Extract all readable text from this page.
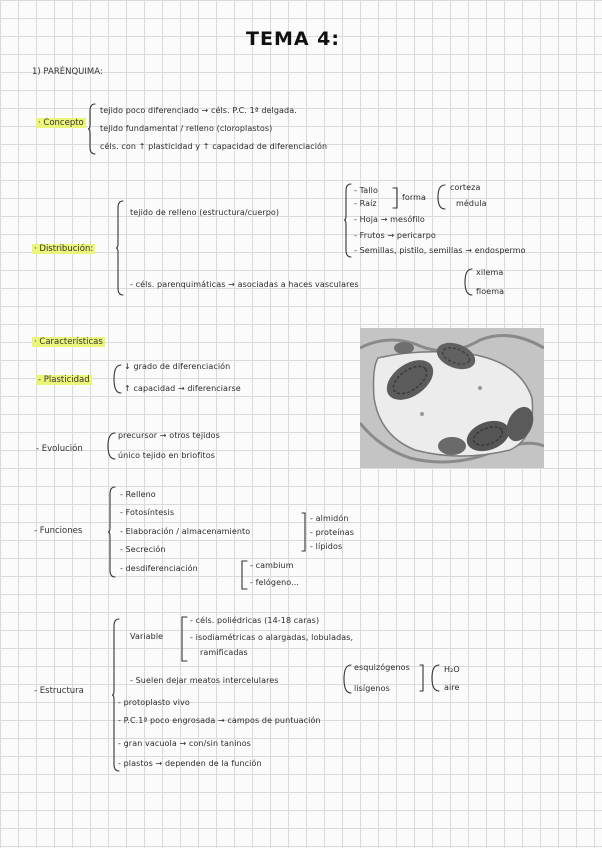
TEMA 4:
1) PARÉNQUIMA:
· Concepto
tejido poco diferenciado → céls. P.C. 1ª delgada.
tejido fundamental / relleno (cloroplastos)
céls. con ↑ plasticidad y ↑ capacidad de diferenciación
· Distribución:
tejido de relleno (estructura/cuerpo)
- Tallo
- Raíz
forma
corteza
médula
- Hoja → mesófilo
- Frutos → pericarpo
- Semillas, pistilo, semillas → endospermo
- céls. parenquimáticas → asociadas a haces vasculares
xilema
floema
· Características
- Plasticidad
↓ grado de diferenciación
↑ capacidad → diferenciarse
- Evolución
precursor → otros tejidos
único tejido en briofitos
- Funciones
- Relleno
- Fotosíntesis
- Elaboración / almacenamiento
- Secreción
- desdiferenciación
- almidón
- proteínas
- lípidos
- cambium
- felógeno...
- Estructura
Variable
- céls. poliédricas (14-18 caras)
- isodiamétricas o alargadas, lobuladas,
ramificadas
- Suelen dejar meatos intercelulares
esquizógenos
lisígenos
H₂O
aire
- protoplasto vivo
- P.C.1ª poco engrosada → campos de puntuación
- gran vacuola → con/sin taninos
- plastos → dependen de la función
